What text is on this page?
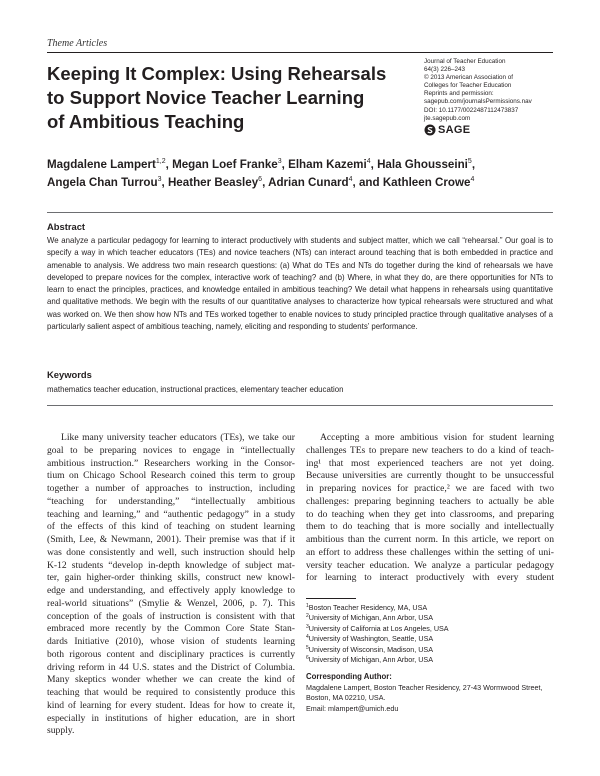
Theme Articles
Keeping It Complex: Using Rehearsals
to Support Novice Teacher Learning
of Ambitious Teaching
Journal of Teacher Education
64(3) 226–243
© 2013 American Association of
Colleges for Teacher Education
Reprints and permission:
sagepub.com/journalsPermissions.nav
DOI: 10.1177/0022487112473837
jte.sagepub.com
SAGE
Magdalene Lampert$^{1,2}$, Megan Loef Franke$^3$, Elham Kazemi$^4$, Hala Ghousseini$^5$,
Angela Chan Turrou$^3$, Heather Beasley$^6$, Adrian Cunard$^4$, and Kathleen Crowe$^4$
Abstract
We analyze a particular pedagogy for learning to interact productively with students and subject matter, which we call “rehearsal.” Our goal is to specify a way in which teacher educators (TEs) and novice teachers (NTs) can interact around teaching that is both embedded in practice and amenable to analysis. We address two main research questions: (a) What do TEs and NTs do together during the kind of rehearsals we have developed to prepare novices for the complex, interactive work of teaching? and (b) Where, in what they do, are there opportunities for NTs to learn to enact the principles, practices, and knowledge entailed in ambitious teaching? We detail what happens in rehearsals using quantitative and qualitative methods. We begin with the results of our quantitative analyses to characterize how typical rehearsals were structured and what was worked on. We then show how NTs and TEs worked together to enable novices to study principled practice through qualitative analyses of a particularly salient aspect of ambitious teaching, namely, eliciting and responding to students’ performance.
Keywords
mathematics teacher education, instructional practices, elementary teacher education
Like many university teacher educators (TEs), we take our
goal to be preparing novices to engage in “intellectually
ambitious instruction.” Researchers working in the Consor-
tium on Chicago School Research coined this term to group
together a number of approaches to instruction, including
“teaching for understanding,” “intellectually ambitious
teaching and learning,” and “authentic pedagogy” in a study
of the effects of this kind of teaching on student learning
(Smith, Lee, & Newmann, 2001). Their premise was that if it
was done consistently and well, such instruction should help
K-12 students “develop in-depth knowledge of subject mat-
ter, gain higher-order thinking skills, construct new knowl-
edge and understanding, and effectively apply knowledge to
real-world situations” (Smylie & Wenzel, 2006, p. 7). This
conception of the goals of instruction is consistent with that
embraced more recently by the Common Core State Stan-
dards Initiative (2010), whose vision of students learning
both rigorous content and disciplinary practices is currently
driving reform in 44 U.S. states and the District of Columbia.
Many skeptics wonder whether we can create the kind of
teaching that would be required to consistently produce this
kind of learning for every student. Ideas for how to create it,
especially in institutions of higher education, are in short
supply.
Accepting a more ambitious vision for student learning
challenges TEs to prepare new teachers to do a kind of teach-
ing¹ that most experienced teachers are not yet doing.
Because universities are currently thought to be unsuccessful
in preparing novices for practice,² we are faced with two
challenges: preparing beginning teachers to actually be able
to do teaching when they get into classrooms, and preparing
them to do teaching that is more socially and intellectually
ambitious than the current norm. In this article, we report on
an effort to address these challenges within the setting of uni-
versity teacher education. We analyze a particular pedagogy
for learning to interact productively with every student
$^1$Boston Teacher Residency, MA, USA
$^2$University of Michigan, Ann Arbor, USA
$^3$University of California at Los Angeles, USA
$^4$University of Washington, Seattle, USA
$^5$University of Wisconsin, Madison, USA
$^6$University of Michigan, Ann Arbor, USA
Corresponding Author:
Magdalene Lampert, Boston Teacher Residency, 27-43 Wormwood Street,
Boston, MA 02210, USA.
Email: mlampert@umich.edu
